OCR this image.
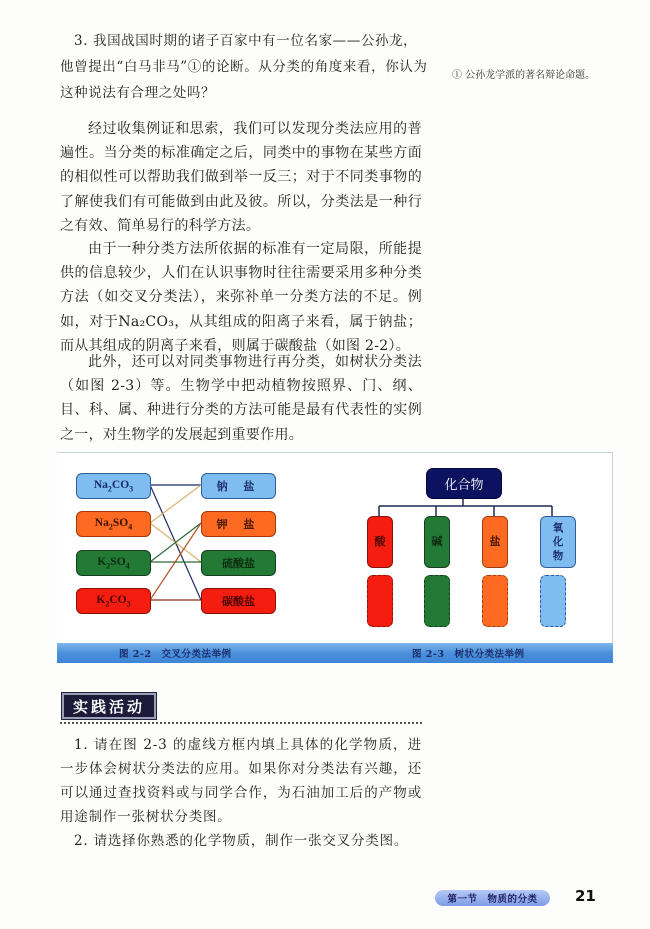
3. 我国战国时期的诸子百家中有一位名家——公孙龙，

他曾提出“白马非马”①的论断。从分类的角度来看，你认为

这种说法有合理之处吗？

① 公孙龙学派的著名辩论命题。

经过收集例证和思索，我们可以发现分类法应用的普遍性。当分类的标准确定之后，同类中的事物在某些方面的相似性可以帮助我们做到举一反三；对于不同类事物的了解使我们有可能做到由此及彼。所以，分类法是一种行之有效、简单易行的科学方法。

由于一种分类方法所依据的标准有一定局限，所能提供的信息较少，人们在认识事物时往往需要采用多种分类方法（如交叉分类法），来弥补单一分类方法的不足。例如，对于Na₂CO₃，从其组成的阳离子来看，属于钠盐；而从其组成的阴离子来看，则属于碳酸盐（如图 2-2）。

此外，还可以对同类事物进行再分类，如树状分类法（如图 2-3）等。生物学中把动植物按照界、门、纲、目、科、属、种进行分类的方法可能是最有代表性的实例之一，对生物学的发展起到重要作用。

$Na_2CO_3$
$Na_2SO_4$
$K_2SO_4$
$K_2CO_3$
钠 盐
钾 盐
硫酸盐
碳酸盐
化合物
酸	碱	盐
氧
化
物
图 2-2　交叉分类法举例	图 2-3　树状分类法举例
实践活动

1. 请在图 2-3 的虚线方框内填上具体的化学物质，进一步体会树状分类法的应用。如果你对分类法有兴趣，还可以通过查找资料或与同学合作，为石油加工后的产物或用途制作一张树状分类图。

2. 请选择你熟悉的化学物质，制作一张交叉分类图。

第一节　物质的分类	21
